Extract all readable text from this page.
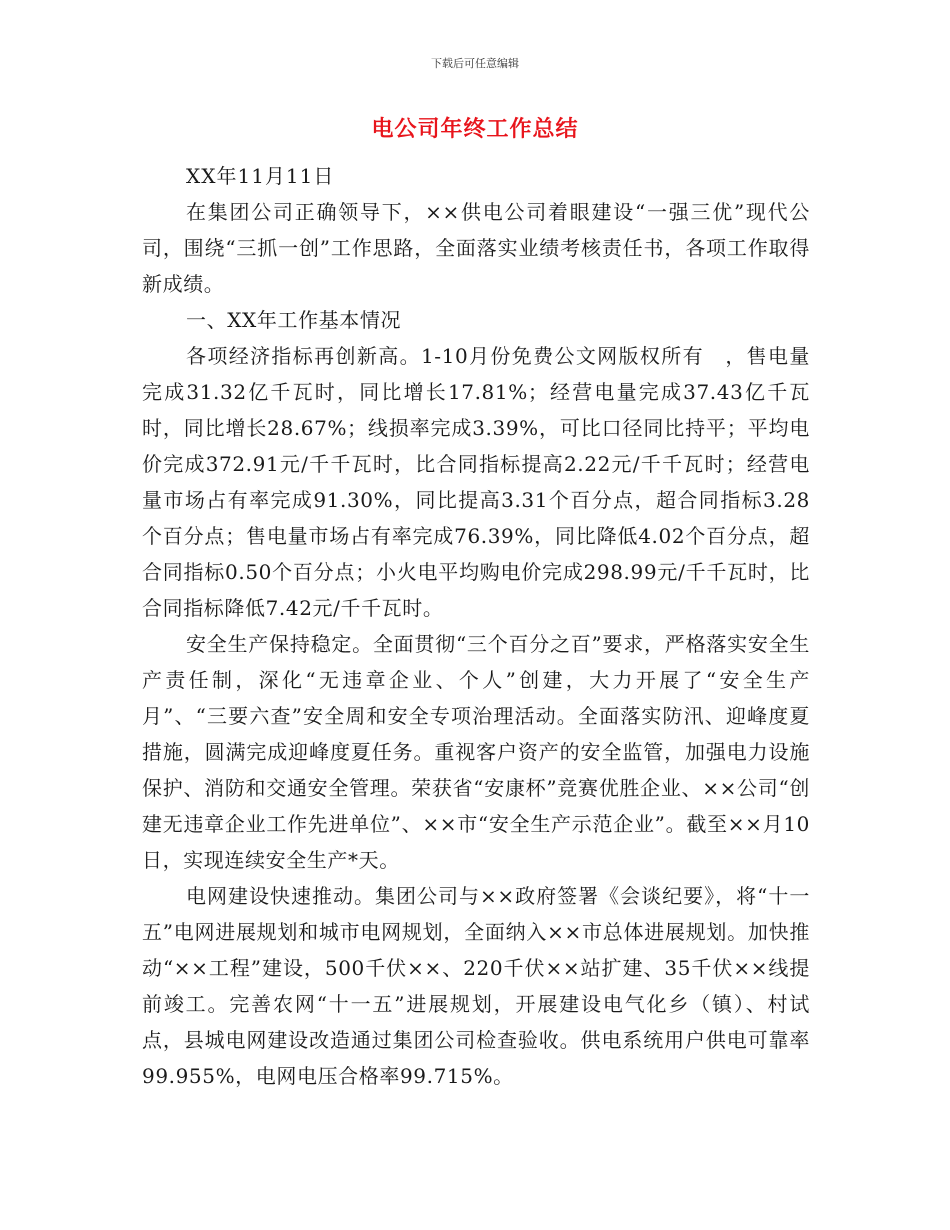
下载后可任意编辑
电公司年终工作总结

XX年11月11日

在集团公司正确领导下，××供电公司着眼建设“一强三优”现代公司，围绕“三抓一创”工作思路，全面落实业绩考核责任书，各项工作取得新成绩。

一、XX年工作基本情况

各项经济指标再创新高。1-10月份免费公文网版权所有　，售电量完成31.32亿千瓦时，同比增长17.81%；经营电量完成37.43亿千瓦时，同比增长28.67%；线损率完成3.39%，可比口径同比持平；平均电价完成372.91元/千千瓦时，比合同指标提高2.22元/千千瓦时；经营电量市场占有率完成91.30%，同比提高3.31个百分点，超合同指标3.28个百分点；售电量市场占有率完成76.39%，同比降低4.02个百分点，超合同指标0.50个百分点；小火电平均购电价完成298.99元/千千瓦时，比合同指标降低7.42元/千千瓦时。

安全生产保持稳定。全面贯彻“三个百分之百”要求，严格落实安全生产责任制，深化“无违章企业、个人”创建，大力开展了“安全生产月”、“三要六查”安全周和安全专项治理活动。全面落实防汛、迎峰度夏措施，圆满完成迎峰度夏任务。重视客户资产的安全监管，加强电力设施保护、消防和交通安全管理。荣获省“安康杯”竞赛优胜企业、××公司“创建无违章企业工作先进单位”、××市“安全生产示范企业”。截至××月10日，实现连续安全生产*天。

电网建设快速推动。集团公司与××政府签署《会谈纪要》，将“十一五”电网进展规划和城市电网规划，全面纳入××市总体进展规划。加快推动“××工程”建设，500千伏××、220千伏××站扩建、35千伏××线提前竣工。完善农网“十一五”进展规划，开展建设电气化乡（镇）、村试点，县城电网建设改造通过集团公司检查验收。供电系统用户供电可靠率99.955%，电网电压合格率99.715%。
